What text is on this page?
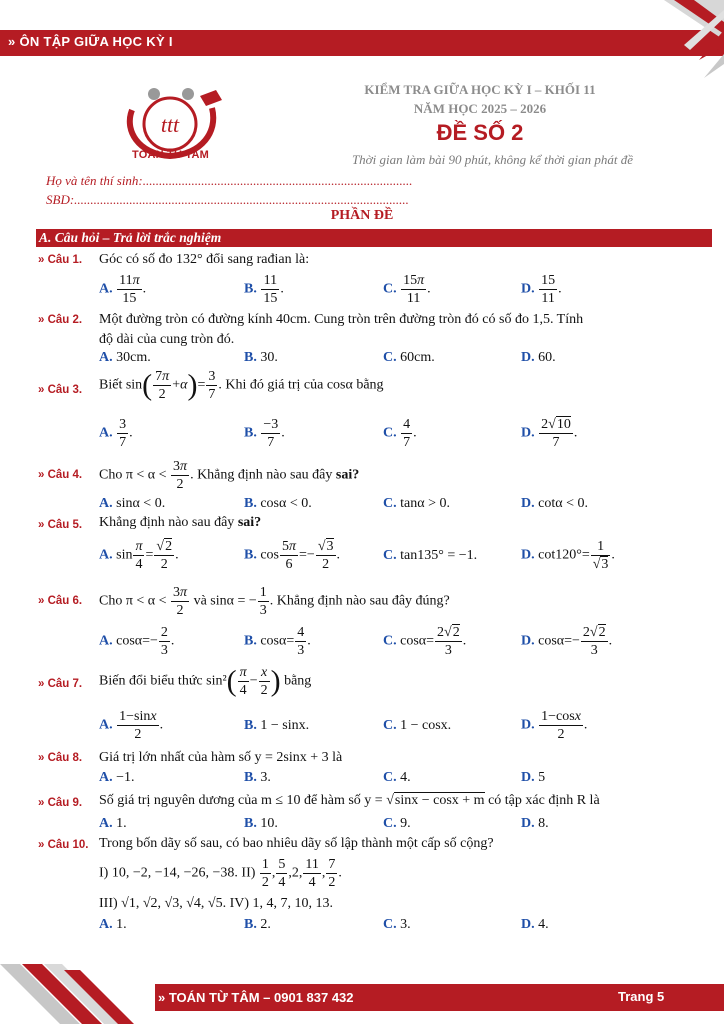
» ÔN TẬP GIỮA HỌC KỲ I
ttt
TOAN TU TAM
KIỂM TRA GIỮA HỌC KỲ I – KHỐI 11
NĂM HỌC 2025 – 2026
ĐỀ SỐ 2
Thời gian làm bài 90 phút, không kể thời gian phát đề
Họ và tên thí sinh:...................................................................................
SBD:.......................................................................................................
PHẦN ĐỀ
A. Câu hỏi – Trả lời trắc nghiệm
» Câu 1. Góc có số đo 132° đổi sang rađian là:
A. $\frac{11\pi}{15}$ .	B. $\frac{11}{15}$ .	C. $\frac{15\pi}{11}$ .	D. $\frac{15}{11}$ .
» Câu 2. Một đường tròn có đường kính 40cm. Cung tròn trên đường tròn đó có số đo 1,5. Tính
độ dài của cung tròn đó.
A. 30cm.	B. 30.	C. 60cm.	D. 60.
» Câu 3. Biết $\sin( \frac{7\pi}{2} +\alpha)= \frac{3}{7}$ . Khi đó giá trị của cosα bằng
A. $\frac{3}{7}$ .	B. $\frac{-3}{7}$ .	C. $\frac{4}{7}$ .	D. $\frac{2√10}{7}$ .
» Câu 4. Cho $\pi < \alpha < \frac{3\pi}{2}$ . Khẳng định nào sau đây sai?
A. sinα < 0.	B. cosα < 0.	C. tanα > 0.	D. cotα < 0.
» Câu 5. Khẳng định nào sau đây sai?
A. $\sin \frac{\pi}{4} = \frac{√2}{2}$ .	B. $\cos \frac{5\pi}{6} =- \frac{√3}{2}$ .	C. tan135° = −1.	D. $\cot 120^\circ= \frac{1}{√3}$ .
» Câu 6. Cho $\pi < \alpha < \frac{3\pi}{2}$ và sinα = − $\frac{1}{3}$ . Khẳng định nào sau đây đúng?
A. $\cos\alpha=- \frac{2}{3}$ .	B. $\cos\alpha= \frac{4}{3}$ .	C. $\cos\alpha= \frac{2√2}{3}$ .	D. $\cos\alpha=- \frac{2√2}{3}$ .
» Câu 7. Biến đổi biểu thức $\sin^2( \frac{\pi}{4} - \frac{x}{2}$ ) bằng
A. $\frac{1-\sin x}{2}$ .	B. 1 − sinx.	C. 1 − cosx.	D. $\frac{1-\cos x}{2}$ .
» Câu 8. Giá trị lớn nhất của hàm số y = 2sinx + 3 là
A. −1.	B. 3.	C. 4.	D. 5
» Câu 9. Số giá trị nguyên dương của m ≤ 10 để hàm số y = √sinx − cosx + m có tập xác định R là
A. 1.	B. 10.	C. 9.	D. 8.
» Câu 10. Trong bốn dãy số sau, có bao nhiêu dãy số lập thành một cấp số cộng?
I) 10, −2, −14, −26, −38. $II) \frac{1}{2}$ , $\frac{5}{4} ,2$, $\frac{11}{4}$ , $\frac{7}{2}$ .
III) √1, √2, √3, √4, √5. IV) 1, 4, 7, 10, 13.
A. 1.	B. 2.	C. 3.	D. 4.
» TOÁN TỪ TÂM – 0901 837 432	Trang 5
